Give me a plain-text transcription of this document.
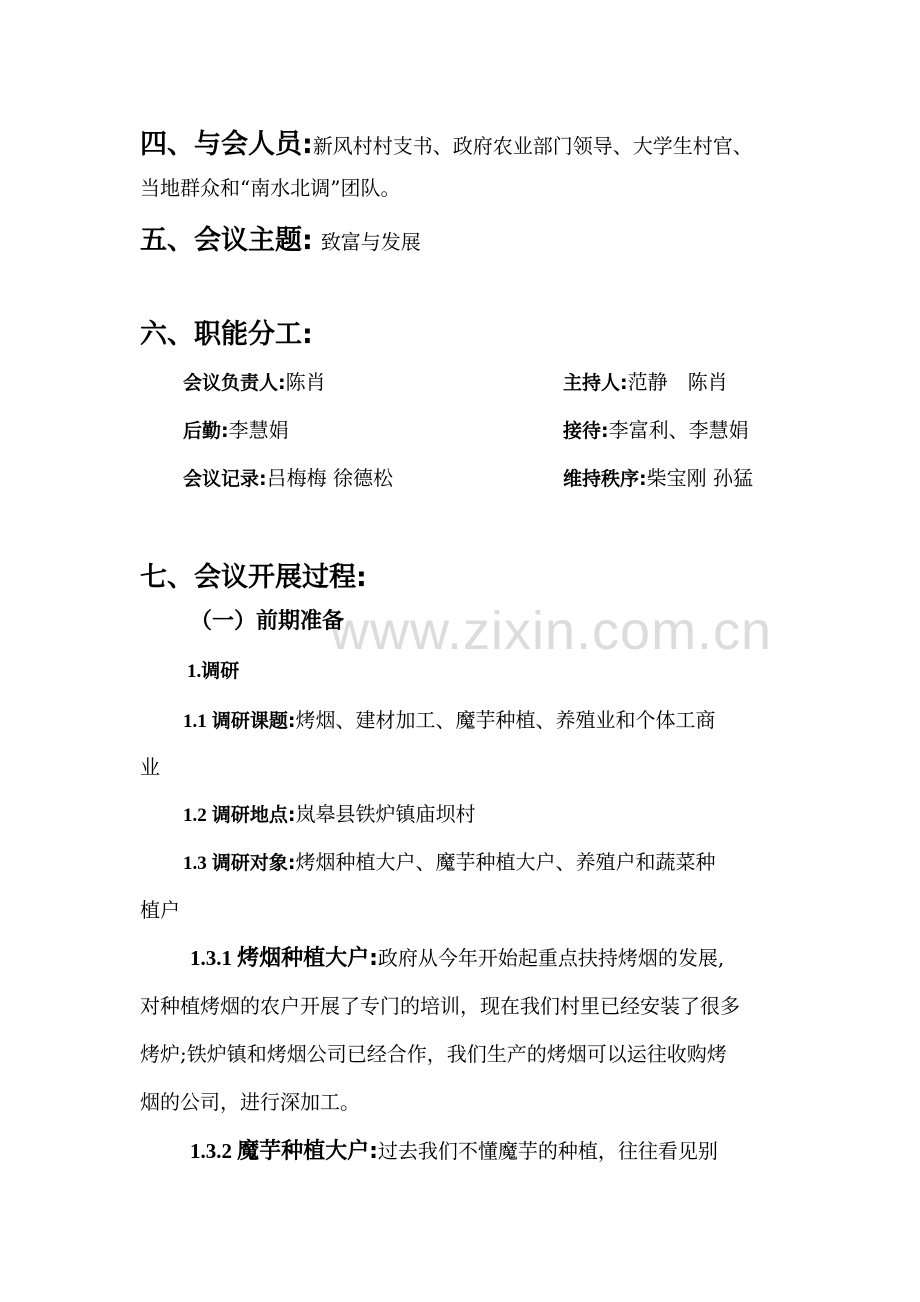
www.zixin.com.cn
四、与会人员:新风村村支书、政府农业部门领导、大学生村官、
当地群众和“南水北调”团队。
五、会议主题: 致富与发展
六、职能分工:
会议负责人:陈肖	主持人:范静　陈肖
后勤:李慧娟	接待:李富利、李慧娟
会议记录:吕梅梅 徐德松	维持秩序:柴宝刚 孙猛
七、会议开展过程:
（一）前期准备
1.调研
1.1 调研课题:烤烟、建材加工、魔芋种植、养殖业和个体工商
业
1.2 调研地点:岚皋县铁炉镇庙坝村
1.3 调研对象:烤烟种植大户、魔芋种植大户、养殖户和蔬菜种
植户
1.3.1 烤烟种植大户:政府从今年开始起重点扶持烤烟的发展,
对种植烤烟的农户开展了专门的培训，现在我们村里已经安装了很多
烤炉;铁炉镇和烤烟公司已经合作，我们生产的烤烟可以运往收购烤
烟的公司，进行深加工。
1.3.2 魔芋种植大户:过去我们不懂魔芋的种植，往往看见别
